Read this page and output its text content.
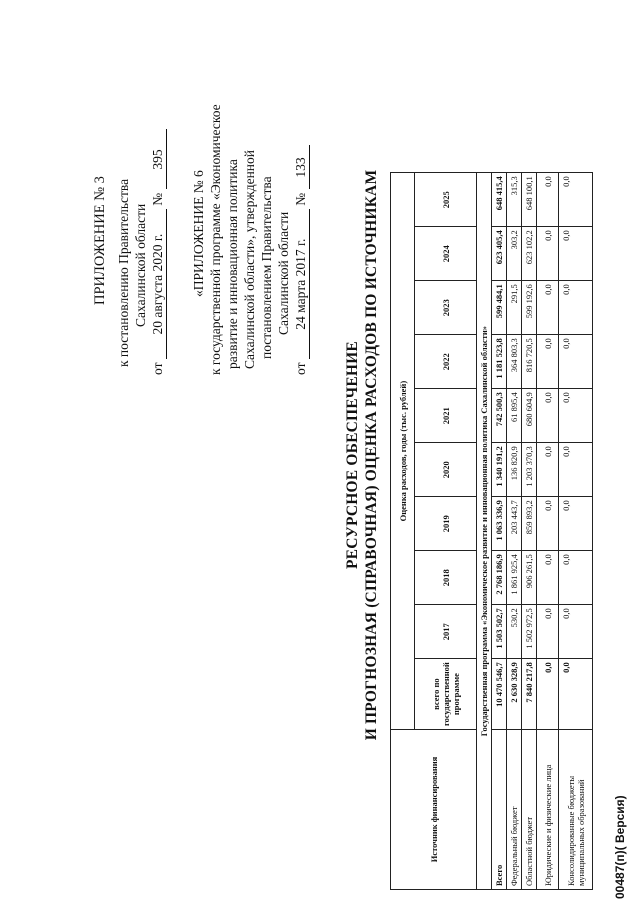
ПРИЛОЖЕНИЕ № 3 к постановлению Правительства Сахалинской области
от 20 августа 2020 г. № 395
«ПРИЛОЖЕНИЕ № 6 к государственной программе «Экономическое развитие и инновационная политика Сахалинской области», утвержденной постановлением Правительства Сахалинской области
от 24 марта 2017 г. № 133
РЕСУРСНОЕ ОБЕСПЕЧЕНИЕ И ПРОГНОЗНАЯ (СПРАВОЧНАЯ) ОЦЕНКА РАСХОДОВ ПО ИСТОЧНИКАМ
00487(п)( Версия)
Источник финансирования	Оценка расходов, годы (тыс. рублей)									
	всего по государственной программе	2017	2018	2019	2020	2021	2022	2023	2024	2025
Государственная программа «Экономическое развитие и инновационная политика Сахалинской области»										
Всего	10 470 546,7	1 503 502,7	2 768 186,9	1 063 336,9	1 340 191,2	742 500,3	1 181 523,8	599 484,1	623 405,4	648 415,4
Федеральный бюджет	2 630 328,9	530,2	1 861 925,4	203 443,7	136 820,9	61 895,4	364 803,3	291,5	303,2	315,3
Областной бюджет	7 840 217,8	1 502 972,5	906 261,5	859 893,2	1 203 370,3	680 604,9	816 720,5	599 192,6	623 102,2	648 100,1
Юридические и физические лица	0,0	0,0	0,0	0,0	0,0	0,0	0,0	0,0	0,0	0,0
Консолидированные бюджеты муниципальных образований	0,0	0,0	0,0	0,0	0,0	0,0	0,0	0,0	0,0	0,0
